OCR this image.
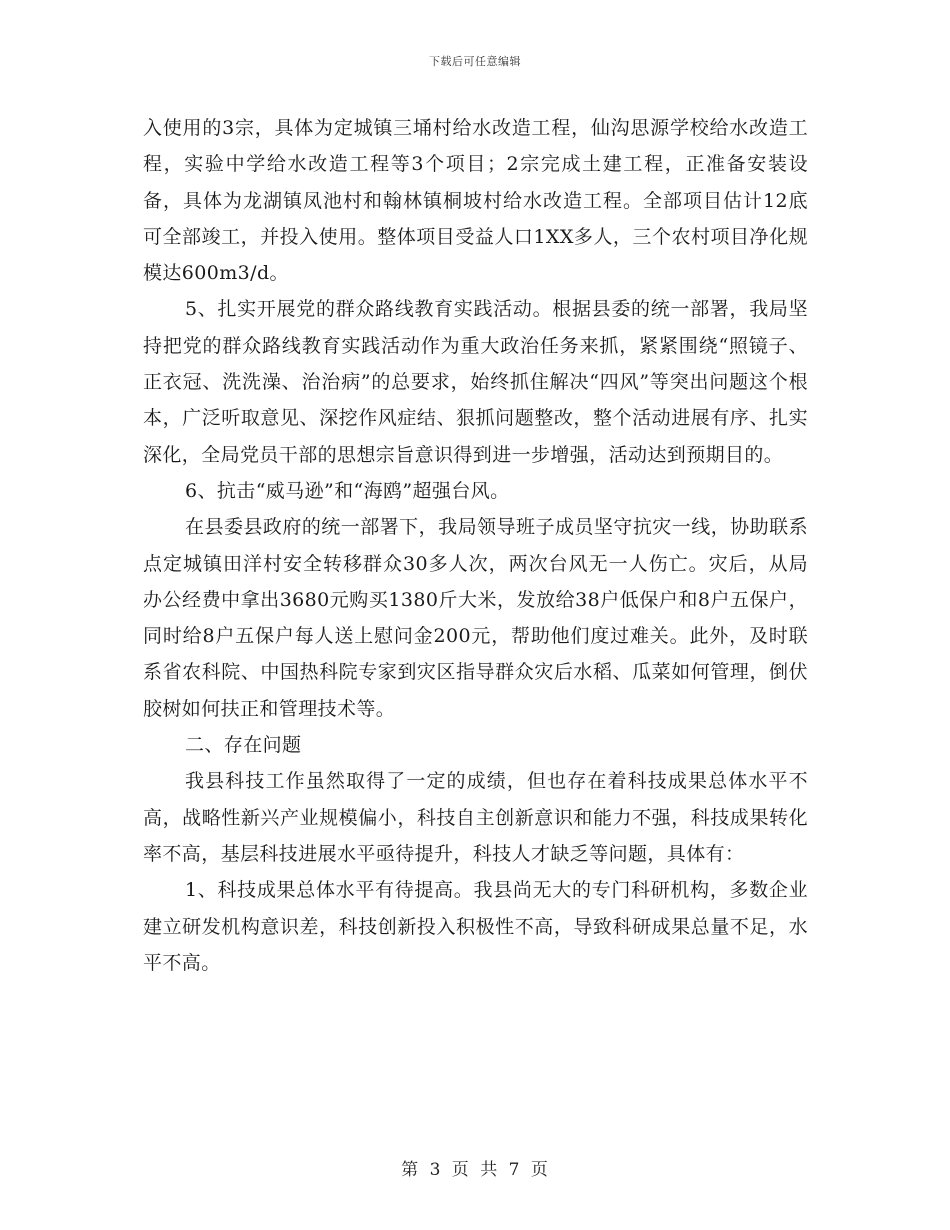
下载后可任意编辑

入使用的3宗，具体为定城镇三埇村给水改造工程，仙沟思源学校给水改造工程，实验中学给水改造工程等3个项目；2宗完成土建工程，正准备安装设备，具体为龙湖镇凤池村和翰林镇桐坡村给水改造工程。全部项目估计12底可全部竣工，并投入使用。整体项目受益人口1XX多人，三个农村项目净化规模达600m3/d。

5、扎实开展党的群众路线教育实践活动。根据县委的统一部署，我局坚持把党的群众路线教育实践活动作为重大政治任务来抓，紧紧围绕“照镜子、正衣冠、洗洗澡、治治病”的总要求，始终抓住解决“四风”等突出问题这个根本，广泛听取意见、深挖作风症结、狠抓问题整改，整个活动进展有序、扎实深化，全局党员干部的思想宗旨意识得到进一步增强，活动达到预期目的。

6、抗击“威马逊”和“海鸥”超强台风。

在县委县政府的统一部署下，我局领导班子成员坚守抗灾一线，协助联系点定城镇田洋村安全转移群众30多人次，两次台风无一人伤亡。灾后，从局办公经费中拿出3680元购买1380斤大米，发放给38户低保户和8户五保户，同时给8户五保户每人送上慰问金200元，帮助他们度过难关。此外，及时联系省农科院、中国热科院专家到灾区指导群众灾后水稻、瓜菜如何管理，倒伏胶树如何扶正和管理技术等。

二、存在问题

我县科技工作虽然取得了一定的成绩，但也存在着科技成果总体水平不高，战略性新兴产业规模偏小，科技自主创新意识和能力不强，科技成果转化率不高，基层科技进展水平亟待提升，科技人才缺乏等问题，具体有：

1、科技成果总体水平有待提高。我县尚无大的专门科研机构，多数企业建立研发机构意识差，科技创新投入积极性不高，导致科研成果总量不足，水平不高。

第 3 页 共 7 页
